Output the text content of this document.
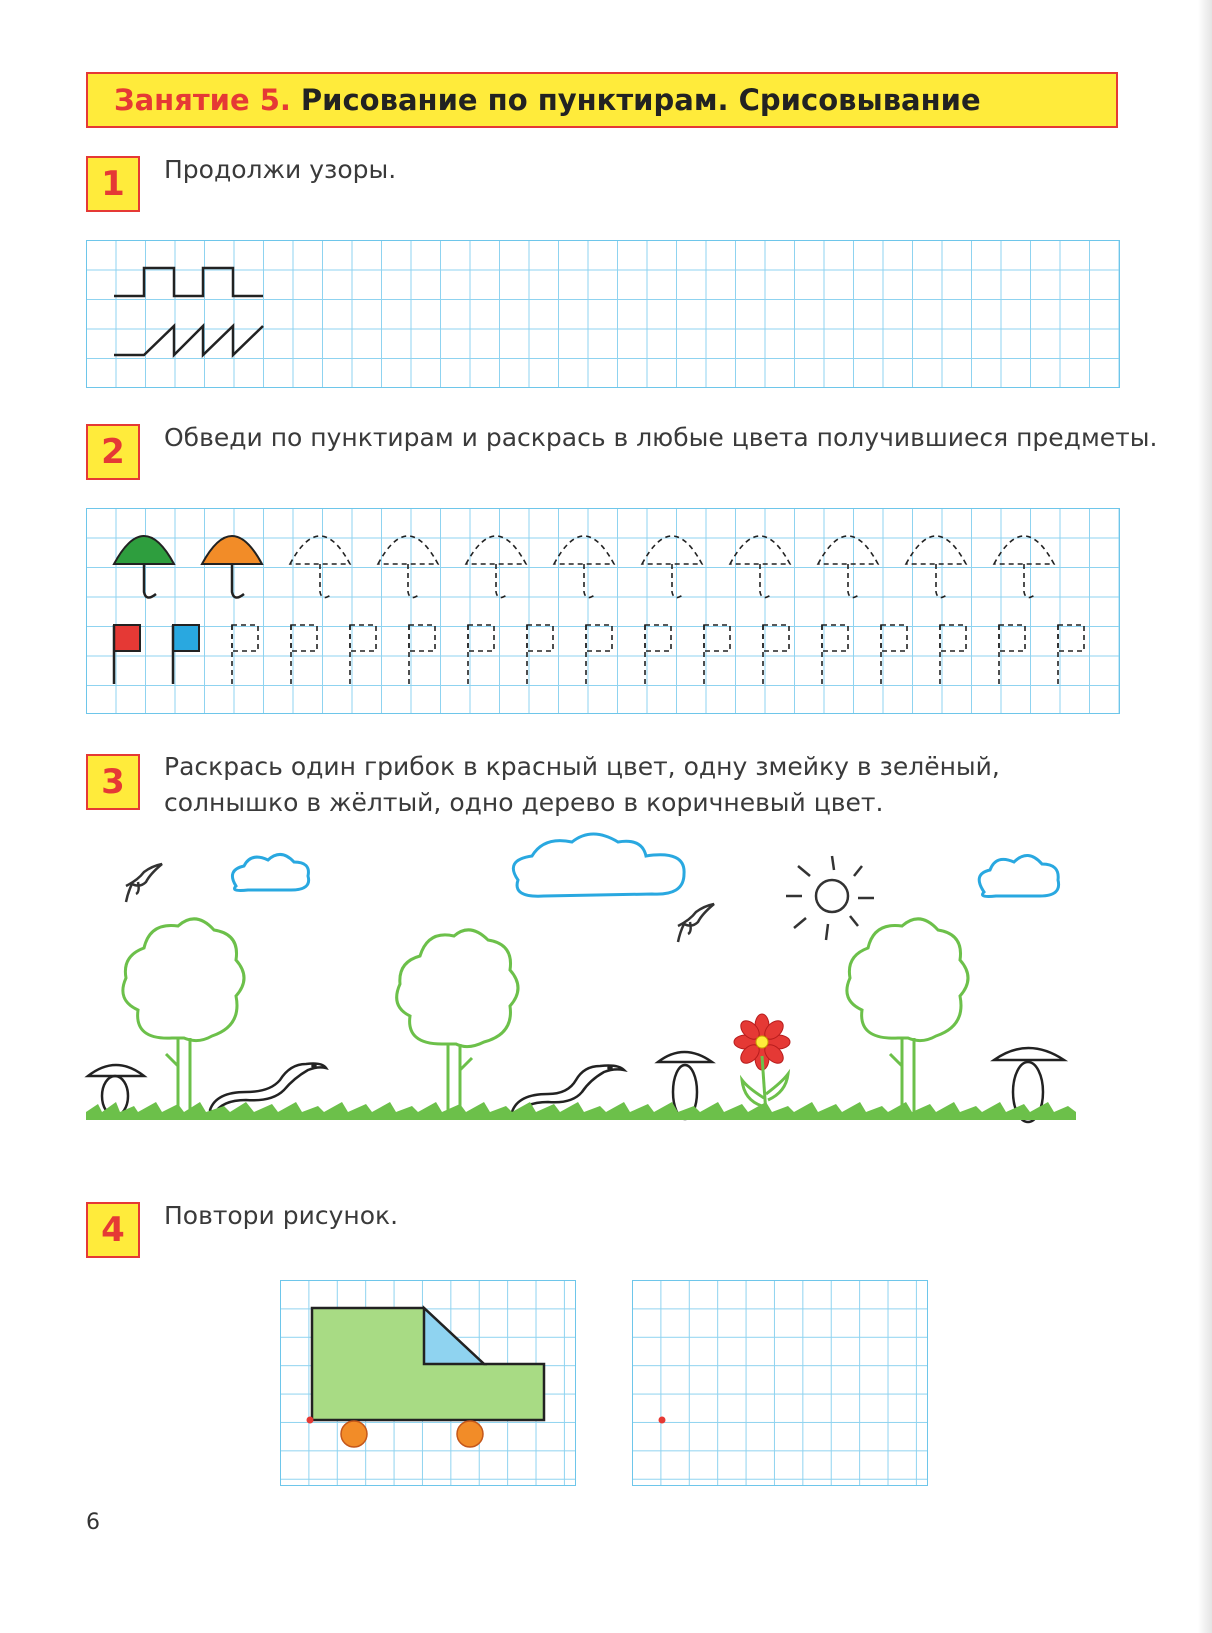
Занятие 5. Рисование по пунктирам. Срисовывание
1	Продолжи узоры.
2	Обведи по пунктирам и раскрась в любые цвета получившиеся предметы.
3	Раскрась один грибок в красный цвет, одну змейку в зелёный, солнышко в жёлтый, одно дерево в коричневый цвет.
4	Повтори рисунок.
6
